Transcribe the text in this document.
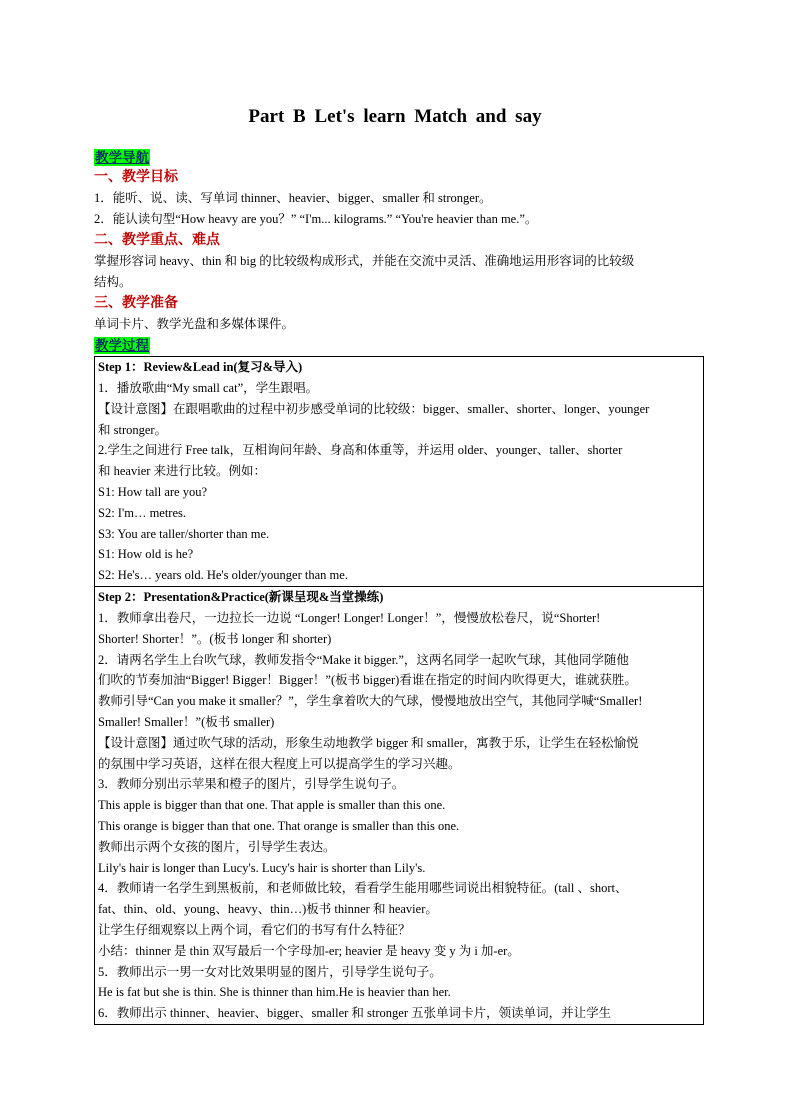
Part B Let's learn Match and say
教学导航
一、教学目标
1．能听、说、读、写单词 thinner、heavier、bigger、smaller 和 stronger。
2．能认读句型“How heavy are you？” “I'm... kilograms.” “You're heavier than me.”。
二、教学重点、难点
掌握形容词 heavy、thin 和 big 的比较级构成形式，并能在交流中灵活、准确地运用形容词的比较级
结构。
三、教学准备
单词卡片、教学光盘和多媒体课件。
教学过程
Step 1：Review&Lead in(复习&导入)
1．播放歌曲“My small cat”，学生跟唱。
【设计意图】在跟唱歌曲的过程中初步感受单词的比较级：bigger、smaller、shorter、longer、younger
和 stronger。
2.学生之间进行 Free talk，互相询问年龄、身高和体重等，并运用 older、younger、taller、shorter
和 heavier 来进行比较。例如：
S1: How tall are you?
S2: I'm… metres.
S3: You are taller/shorter than me.
S1: How old is he?
S2: He's… years old. He's older/younger than me.
Step 2：Presentation&Practice(新课呈现&当堂操练)
1．教师拿出卷尺，一边拉长一边说 “Longer! Longer! Longer！”，慢慢放松卷尺，说“Shorter!
Shorter! Shorter！”。(板书 longer 和 shorter)
2．请两名学生上台吹气球，教师发指令“Make it bigger.”，这两名同学一起吹气球，其他同学随他
们吹的节奏加油“Bigger! Bigger！Bigger！”(板书 bigger)看谁在指定的时间内吹得更大，谁就获胜。
教师引导“Can you make it smaller？”，学生拿着吹大的气球，慢慢地放出空气，其他同学喊“Smaller!
Smaller! Smaller！”(板书 smaller)
【设计意图】通过吹气球的活动，形象生动地教学 bigger 和 smaller，寓教于乐，让学生在轻松愉悦
的氛围中学习英语，这样在很大程度上可以提高学生的学习兴趣。
3．教师分别出示苹果和橙子的图片，引导学生说句子。
This apple is bigger than that one. That apple is smaller than this one.
This orange is bigger than that one. That orange is smaller than this one.
教师出示两个女孩的图片，引导学生表达。
Lily's hair is longer than Lucy's. Lucy's hair is shorter than Lily's.
4．教师请一名学生到黑板前，和老师做比较，看看学生能用哪些词说出相貌特征。(tall 、short、
fat、thin、old、young、heavy、thin…)板书 thinner 和 heavier。
让学生仔细观察以上两个词，看它们的书写有什么特征？
小结：thinner 是 thin 双写最后一个字母加-er; heavier 是 heavy 变 y 为 i 加-er。
5．教师出示一男一女对比效果明显的图片，引导学生说句子。
He is fat but she is thin. She is thinner than him.He is heavier than her.
6．教师出示 thinner、heavier、bigger、smaller 和 stronger 五张单词卡片，领读单词，并让学生
